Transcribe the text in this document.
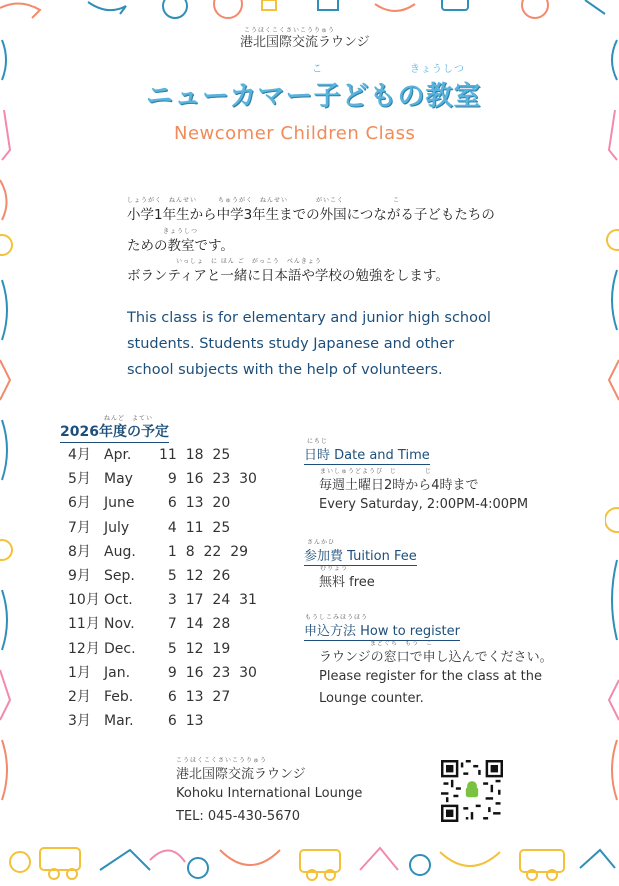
こうほくこくさいこうりゅう
港北国際交流ラウンジ
こ	きょうしつ
ニューカマー子どもの教室
Newcomer Children Class
しょうがく　ねんせい　　　ちゅうがく　ねんせい　　　　がいこく　　　　　　　こ
小学1年生から中学3年生までの外国につながる子どもたちの
きょうしつ
ための教室です。
　　　　　　　いっしょ　に ほん ご　がっこう　べんきょう
ボランティアと一緒に日本語や学校の勉強をします。
This class is for elementary and junior high school
students. Students study Japanese and other
school subjects with the help of volunteers.
ねんど　よてい
2026年度の予定
4月 Apr. 11  18  25
5月 May  9  16  23  30
6月 June  6  13  20
7月 July  4  11  25
8月 Aug.  1  8  22  29
9月 Sep.  5  12  26
10月 Oct.  3  17  24  31
11月 Nov.  7  14  28
12月 Dec.  5  12  19
1月 Jan.  9  16  23  30
2月 Feb.  6  13  27
3月 Mar.  6  13
にちじ
日時 Date and Time
まいしゅうどようび　じ　　　　じ
毎週土曜日2時から4時まで
Every Saturday, 2:00PM-4:00PM
さんかひ
参加費 Tuition Fee
むりょう
無料 free
もうしこみほうほう
申込方法 How to register
まどぐち　もう　こ
ラウンジの窓口で申し込んでください。
Please register for the class at the
Lounge counter.
こうほくこくさいこうりゅう
港北国際交流ラウンジ
Kohoku International Lounge
TEL: 045-430-5670
